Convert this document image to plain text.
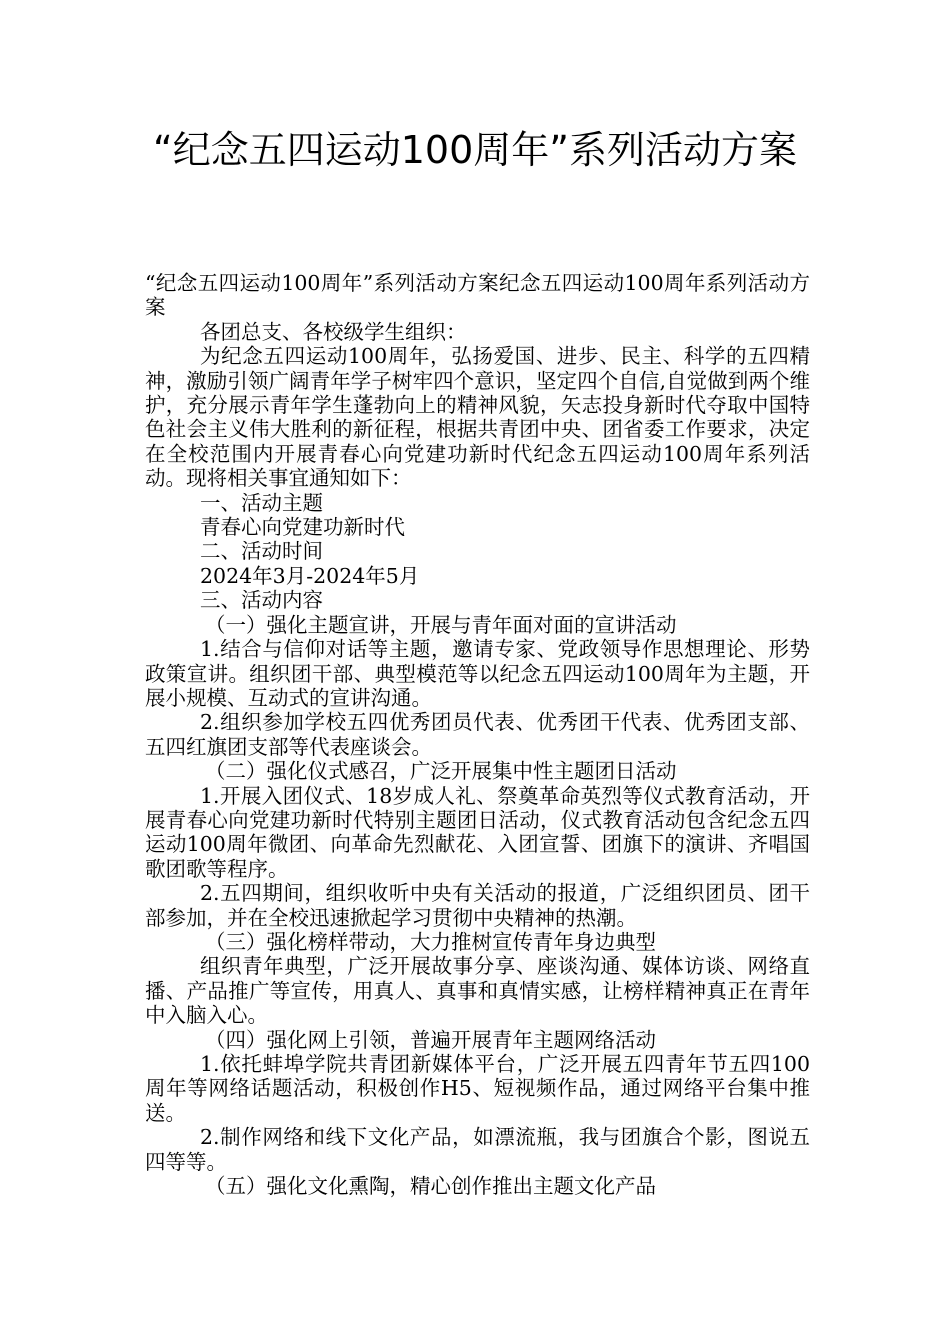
“纪念五四运动100周年”系列活动方案

“纪念五四运动100周年”系列活动方案纪念五四运动100周年系列活动方案

各团总支、各校级学生组织：

为纪念五四运动100周年，弘扬爱国、进步、民主、科学的五四精神，激励引领广阔青年学子树牢四个意识，坚定四个自信,自觉做到两个维护，充分展示青年学生蓬勃向上的精神风貌，矢志投身新时代夺取中国特色社会主义伟大胜利的新征程，根据共青团中央、团省委工作要求，决定在全校范围内开展青春心向党建功新时代纪念五四运动100周年系列活动。现将相关事宜通知如下：

一、活动主题

青春心向党建功新时代

二、活动时间

2024年3月-2024年5月

三、活动内容

（一）强化主题宣讲，开展与青年面对面的宣讲活动

1.结合与信仰对话等主题，邀请专家、党政领导作思想理论、形势政策宣讲。组织团干部、典型模范等以纪念五四运动100周年为主题，开展小规模、互动式的宣讲沟通。

2.组织参加学校五四优秀团员代表、优秀团干代表、优秀团支部、五四红旗团支部等代表座谈会。

（二）强化仪式感召，广泛开展集中性主题团日活动

1.开展入团仪式、18岁成人礼、祭奠革命英烈等仪式教育活动，开展青春心向党建功新时代特别主题团日活动，仪式教育活动包含纪念五四运动100周年微团、向革命先烈献花、入团宣誓、团旗下的演讲、齐唱国歌团歌等程序。

2.五四期间，组织收听中央有关活动的报道，广泛组织团员、团干部参加，并在全校迅速掀起学习贯彻中央精神的热潮。

（三）强化榜样带动，大力推树宣传青年身边典型

组织青年典型，广泛开展故事分享、座谈沟通、媒体访谈、网络直播、产品推广等宣传，用真人、真事和真情实感，让榜样精神真正在青年中入脑入心。

（四）强化网上引领，普遍开展青年主题网络活动

1.依托蚌埠学院共青团新媒体平台，广泛开展五四青年节五四100周年等网络话题活动，积极创作H5、短视频作品，通过网络平台集中推送。

2.制作网络和线下文化产品，如漂流瓶，我与团旗合个影，图说五四等等。

（五）强化文化熏陶，精心创作推出主题文化产品
